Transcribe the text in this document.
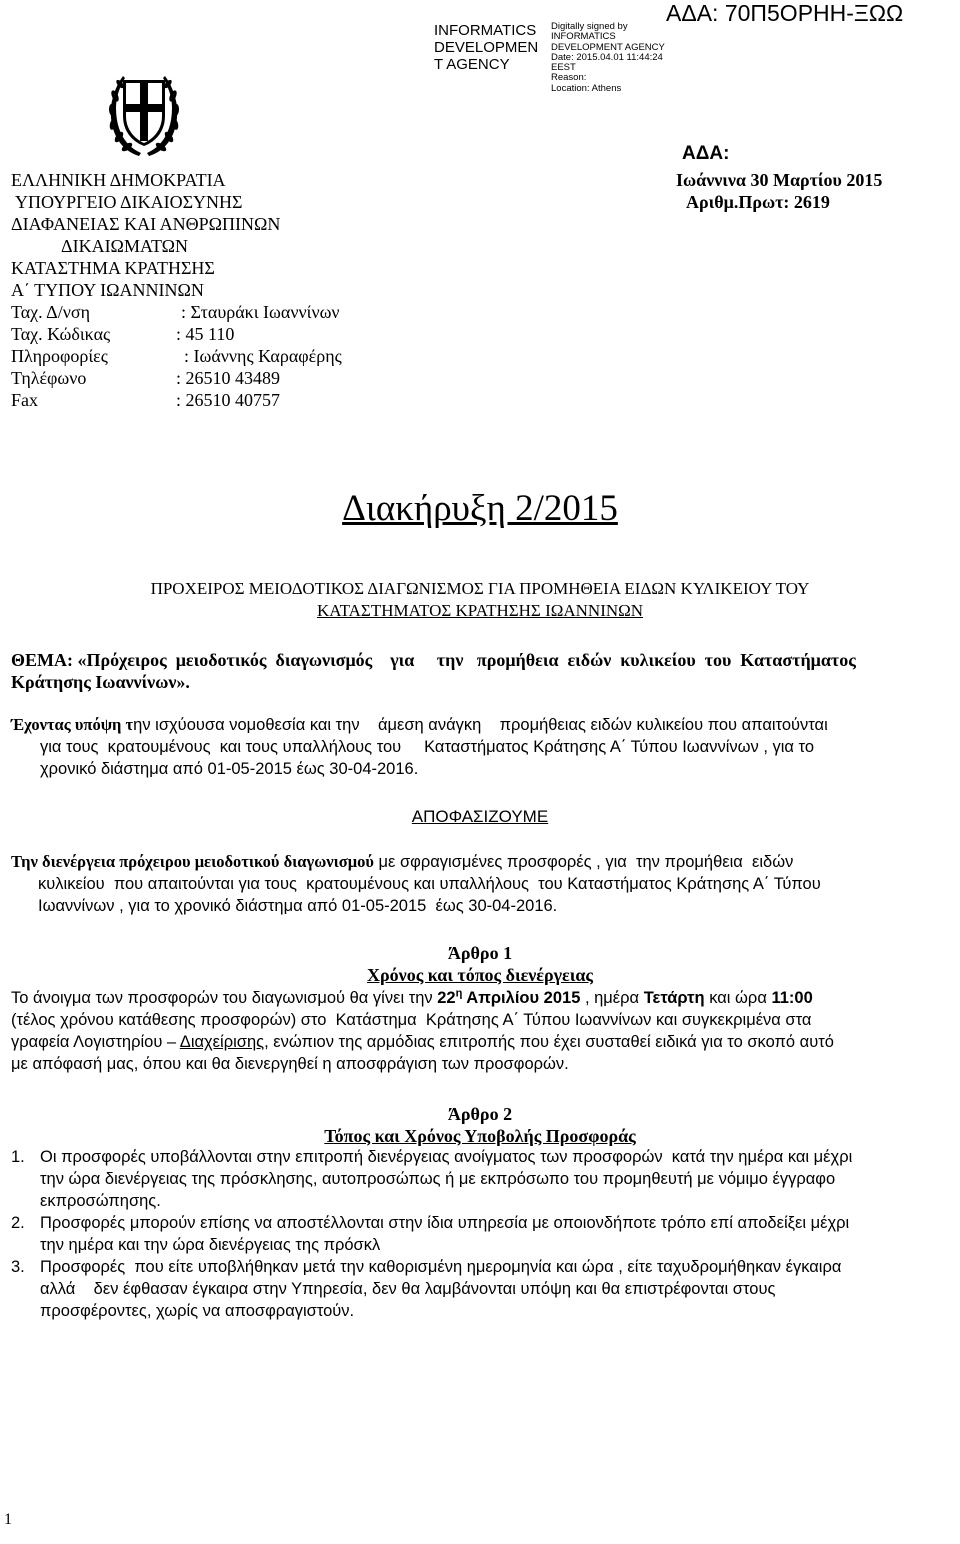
ΑΔΑ: 70Π5ΟΡΗΗ-ΞΩΩ
INFORMATICS
DEVELOPMEN
T AGENCY
Digitally signed by
INFORMATICS
DEVELOPMENT AGENCY
Date: 2015.04.01 11:44:24
EEST
Reason:
Location: Athens
ΕΛΛΗΝΙΚΗ ΔΗΜΟΚΡΑΤΙΑ
ΥΠΟΥΡΓΕΙΟ ΔΙΚΑΙΟΣΥΝΗΣ
ΔΙΑΦΑΝΕΙΑΣ ΚΑΙ ΑΝΘΡΩΠΙΝΩΝ
ΔΙΚΑΙΩΜΑΤΩΝ
ΚΑΤΑΣΤΗΜΑ ΚΡΑΤΗΣΗΣ
Α΄ ΤΥΠΟΥ ΙΩΑΝΝΙΝΩΝ
Ταχ. Δ/νση	: Σταυράκι Ιωαννίνων
Ταχ. Κώδικας	: 45 110
Πληροφορίες	: Ιωάννης Καραφέρης
Τηλέφωνο	: 26510 43489
Fax	: 26510 40757
ΑΔΑ:
Ιωάννινα 30 Μαρτίου 2015
Αριθμ.Πρωτ: 2619
Διακήρυξη 2/2015
ΠΡΟΧΕΙΡΟΣ ΜΕΙΟΔΟΤΙΚΟΣ ΔΙΑΓΩΝΙΣΜΟΣ ΓΙΑ ΠΡΟΜΗΘΕΙΑ ΕΙΔΩΝ ΚΥΛΙΚΕΙΟΥ ΤΟΥ
ΚΑΤΑΣΤΗΜΑΤΟΣ ΚΡΑΤΗΣΗΣ ΙΩΑΝΝΙΝΩΝ
ΘΕΜΑ: «Πρόχειρος  μειοδοτικός  διαγωνισμός    για     την   προμήθεια  ειδών  κυλικείου  του  Καταστήματος
Κράτησης Ιωαννίνων».
Έχοντας υπόψη την ισχύουσα νομοθεσία και την    άμεση ανάγκη    προμήθειας ειδών κυλικείου που απαιτούνται
για τους  κρατουμένους  και τους υπαλλήλους του     Καταστήματος Κράτησης Α΄ Τύπου Ιωαννίνων , για το
χρονικό διάστημα από 01-05-2015 έως 30-04-2016.
ΑΠΟΦΑΣΙΖΟΥΜΕ
Την διενέργεια πρόχειρου μειοδοτικού διαγωνισμού με σφραγισμένες προσφορές , για  την προμήθεια  ειδών
κυλικείου  που απαιτούνται για τους  κρατουμένους και υπαλλήλους  του Καταστήματος Κράτησης Α΄ Τύπου
Ιωαννίνων , για το χρονικό διάστημα από 01-05-2015  έως 30-04-2016.
Άρθρο 1
Χρόνος και τόπος διενέργειας
Το άνοιγμα των προσφορών του διαγωνισμού θα γίνει την $22^\eta$ Απριλίου 2015 , ημέρα Τετάρτη και ώρα 11:00
(τέλος χρόνου κατάθεσης προσφορών) στο  Κατάστημα  Κράτησης Α΄ Τύπου Ιωαννίνων και συγκεκριμένα στα
γραφεία Λογιστηρίου – Διαχείρισης, ενώπιον της αρμόδιας επιτροπής που έχει συσταθεί ειδικά για το σκοπό αυτό
με απόφασή μας, όπου και θα διενεργηθεί η αποσφράγιση των προσφορών.
Άρθρο 2
Τόπος και Χρόνος Υποβολής Προσφοράς
1. Οι προσφορές υποβάλλονται στην επιτροπή διενέργειας ανοίγματος των προσφορών  κατά την ημέρα και μέχρι
την ώρα διενέργειας της πρόσκλησης, αυτοπροσώπως ή με εκπρόσωπο του προμηθευτή με νόμιμο έγγραφο
εκπροσώπησης.
2. Προσφορές μπορούν επίσης να αποστέλλονται στην ίδια υπηρεσία με οποιονδήποτε τρόπο επί αποδείξει μέχρι
την ημέρα και την ώρα διενέργειας της πρόσκλ
3. Προσφορές  που είτε υποβλήθηκαν μετά την καθορισμένη ημερομηνία και ώρα , είτε ταχυδρομήθηκαν έγκαιρα
αλλά    δεν έφθασαν έγκαιρα στην Υπηρεσία, δεν θα λαμβάνονται υπόψη και θα επιστρέφονται στους
προσφέροντες, χωρίς να αποσφραγιστούν.
1
